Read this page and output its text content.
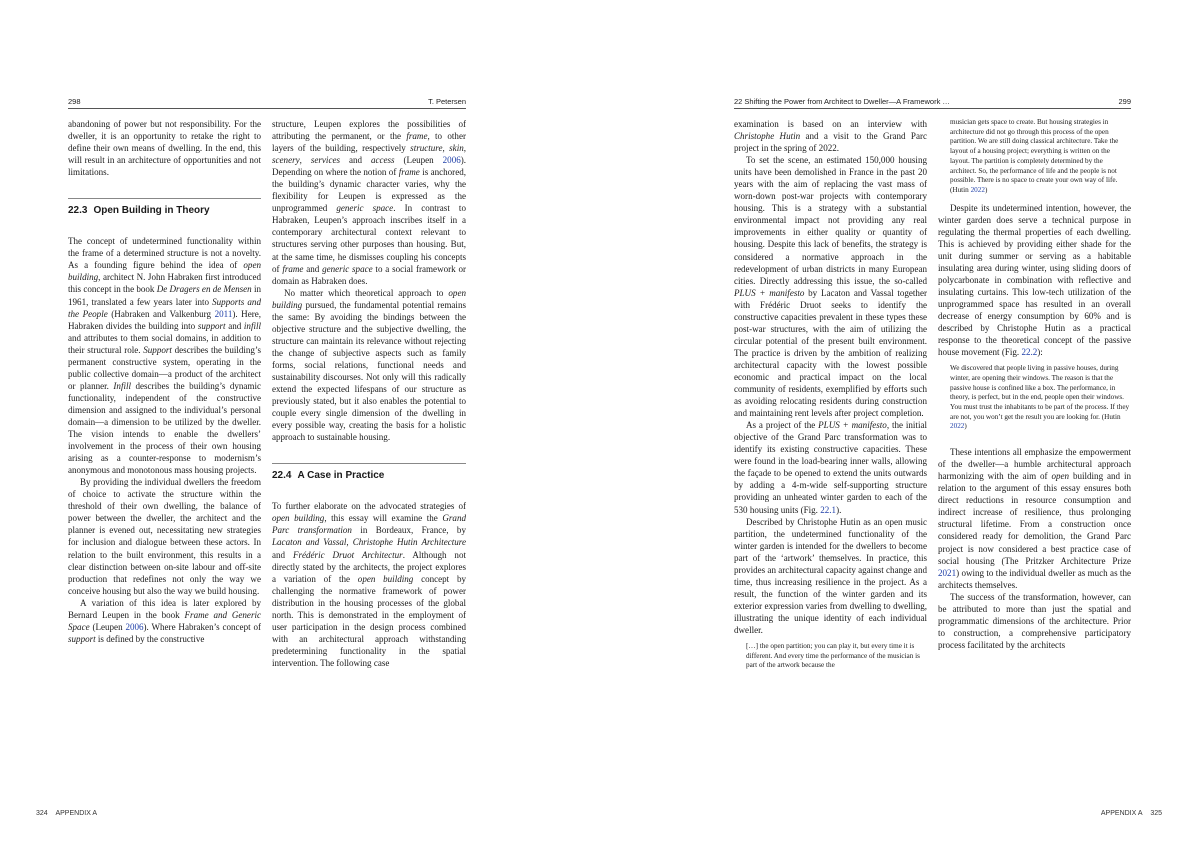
298	T. Petersen	22 Shifting the Power from Architect to Dweller—A Framework …	299

abandoning of power but not responsibility. For the dweller, it is an opportunity to retake the right to define their own means of dwelling. In the end, this will result in an architecture of opportunities and not limitations.

22.3 Open Building in Theory

The concept of undetermined functionality within the frame of a determined structure is not a novelty. As a founding figure behind the idea of open building, architect N. John Habraken first introduced this concept in the book De Dragers en de Mensen in 1961, translated a few years later into Supports and the People (Habraken and Valkenburg 2011). Here, Habraken divides the building into support and infill and attributes to them social domains, in addition to their structural role. Support describes the building’s permanent constructive system, operating in the public collective domain—a product of the architect or planner. Infill describes the building’s dynamic functionality, independent of the constructive dimension and assigned to the individual’s personal domain—a dimension to be utilized by the dweller. The vision intends to enable the dwellers’ involvement in the process of their own housing arising as a counter-response to modernism’s anonymous and monotonous mass housing projects.

By providing the individual dwellers the freedom of choice to activate the structure within the threshold of their own dwelling, the balance of power between the dweller, the architect and the planner is evened out, necessitating new strategies for inclusion and dialogue between these actors. In relation to the built environment, this results in a clear distinction between on-site labour and off-site production that redefines not only the way we conceive housing but also the way we build housing.

A variation of this idea is later explored by Bernard Leupen in the book Frame and Generic Space (Leupen 2006). Where Habraken’s concept of support is defined by the constructive

structure, Leupen explores the possibilities of attributing the permanent, or the frame, to other layers of the building, respectively structure, skin, scenery, services and access (Leupen 2006). Depending on where the notion of frame is anchored, the building’s dynamic character varies, why the flexibility for Leupen is expressed as the unprogrammed generic space. In contrast to Habraken, Leupen’s approach inscribes itself in a contemporary architectural context relevant to structures serving other purposes than housing. But, at the same time, he dismisses coupling his concepts of frame and generic space to a social framework or domain as Habraken does.

No matter which theoretical approach to open building pursued, the fundamental potential remains the same: By avoiding the bindings between the objective structure and the subjective dwelling, the structure can maintain its relevance without rejecting the change of subjective aspects such as family forms, social relations, functional needs and sustainability discourses. Not only will this radically extend the expected lifespans of our structure as previously stated, but it also enables the potential to couple every single dimension of the dwelling in every possible way, creating the basis for a holistic approach to sustainable housing.

22.4 A Case in Practice

To further elaborate on the advocated strategies of open building, this essay will examine the Grand Parc transformation in Bordeaux, France, by Lacaton and Vassal, Christophe Hutin Architecture and Frédéric Druot Architectur. Although not directly stated by the architects, the project explores a variation of the open building concept by challenging the normative framework of power distribution in the housing processes of the global north. This is demonstrated in the employment of user participation in the design process combined with an architectural approach withstanding predetermining functionality in the spatial intervention. The following case

examination is based on an interview with Christophe Hutin and a visit to the Grand Parc project in the spring of 2022.

To set the scene, an estimated 150,000 housing units have been demolished in France in the past 20 years with the aim of replacing the vast mass of worn-down post-war projects with contemporary housing. This is a strategy with a substantial environmental impact not providing any real improvements in either quality or quantity of housing. Despite this lack of benefits, the strategy is considered a normative approach in the redevelopment of urban districts in many European cities. Directly addressing this issue, the so-called PLUS + manifesto by Lacaton and Vassal together with Frédéric Druot seeks to identify the constructive capacities prevalent in these types these post-war structures, with the aim of utilizing the circular potential of the present built environment. The practice is driven by the ambition of realizing architectural capacity with the lowest possible economic and practical impact on the local community of residents, exemplified by efforts such as avoiding relocating residents during construction and maintaining rent levels after project completion.

As a project of the PLUS + manifesto, the initial objective of the Grand Parc transformation was to identify its existing constructive capacities. These were found in the load-bearing inner walls, allowing the façade to be opened to extend the units outwards by adding a 4-m-wide self-supporting structure providing an unheated winter garden to each of the 530 housing units (Fig. 22.1).

Described by Christophe Hutin as an open music partition, the undetermined functionality of the winter garden is intended for the dwellers to become part of the ‘artwork’ themselves. In practice, this provides an architectural capacity against change and time, thus increasing resilience in the project. As a result, the function of the winter garden and its exterior expression varies from dwelling to dwelling, illustrating the unique identity of each individual dweller.

[…] the open partition; you can play it, but every time it is different. And every time the performance of the musician is part of the artwork because the
musician gets space to create. But housing strategies in architecture did not go through this process of the open partition. We are still doing classical architecture. Take the layout of a housing project; everything is written on the layout. The partition is completely determined by the architect. So, the performance of life and the people is not possible. There is no space to create your own way of life. (Hutin 2022)

Despite its undetermined intention, however, the winter garden does serve a technical purpose in regulating the thermal properties of each dwelling. This is achieved by providing either shade for the unit during summer or serving as a habitable insulating area during winter, using sliding doors of polycarbonate in combination with reflective and insulating curtains. This low-tech utilization of the unprogrammed space has resulted in an overall decrease of energy consumption by 60% and is described by Christophe Hutin as a practical response to the theoretical concept of the passive house movement (Fig. 22.2):

We discovered that people living in passive houses, during winter, are opening their windows. The reason is that the passive house is confined like a box. The performance, in theory, is perfect, but in the end, people open their windows. You must trust the inhabitants to be part of the process. If they are not, you won’t get the result you are looking for. (Hutin 2022)

These intentions all emphasize the empowerment of the dweller—a humble architectural approach harmonizing with the aim of open building and in relation to the argument of this essay ensures both direct reductions in resource consumption and indirect increase of resilience, thus prolonging structural lifetime. From a construction once considered ready for demolition, the Grand Parc project is now considered a best practice case of social housing (The Pritzker Architecture Prize 2021) owing to the individual dweller as much as the architects themselves.

The success of the transformation, however, can be attributed to more than just the spatial and programmatic dimensions of the architecture. Prior to construction, a comprehensive participatory process facilitated by the architects

324 APPENDIX A	APPENDIX A 325
